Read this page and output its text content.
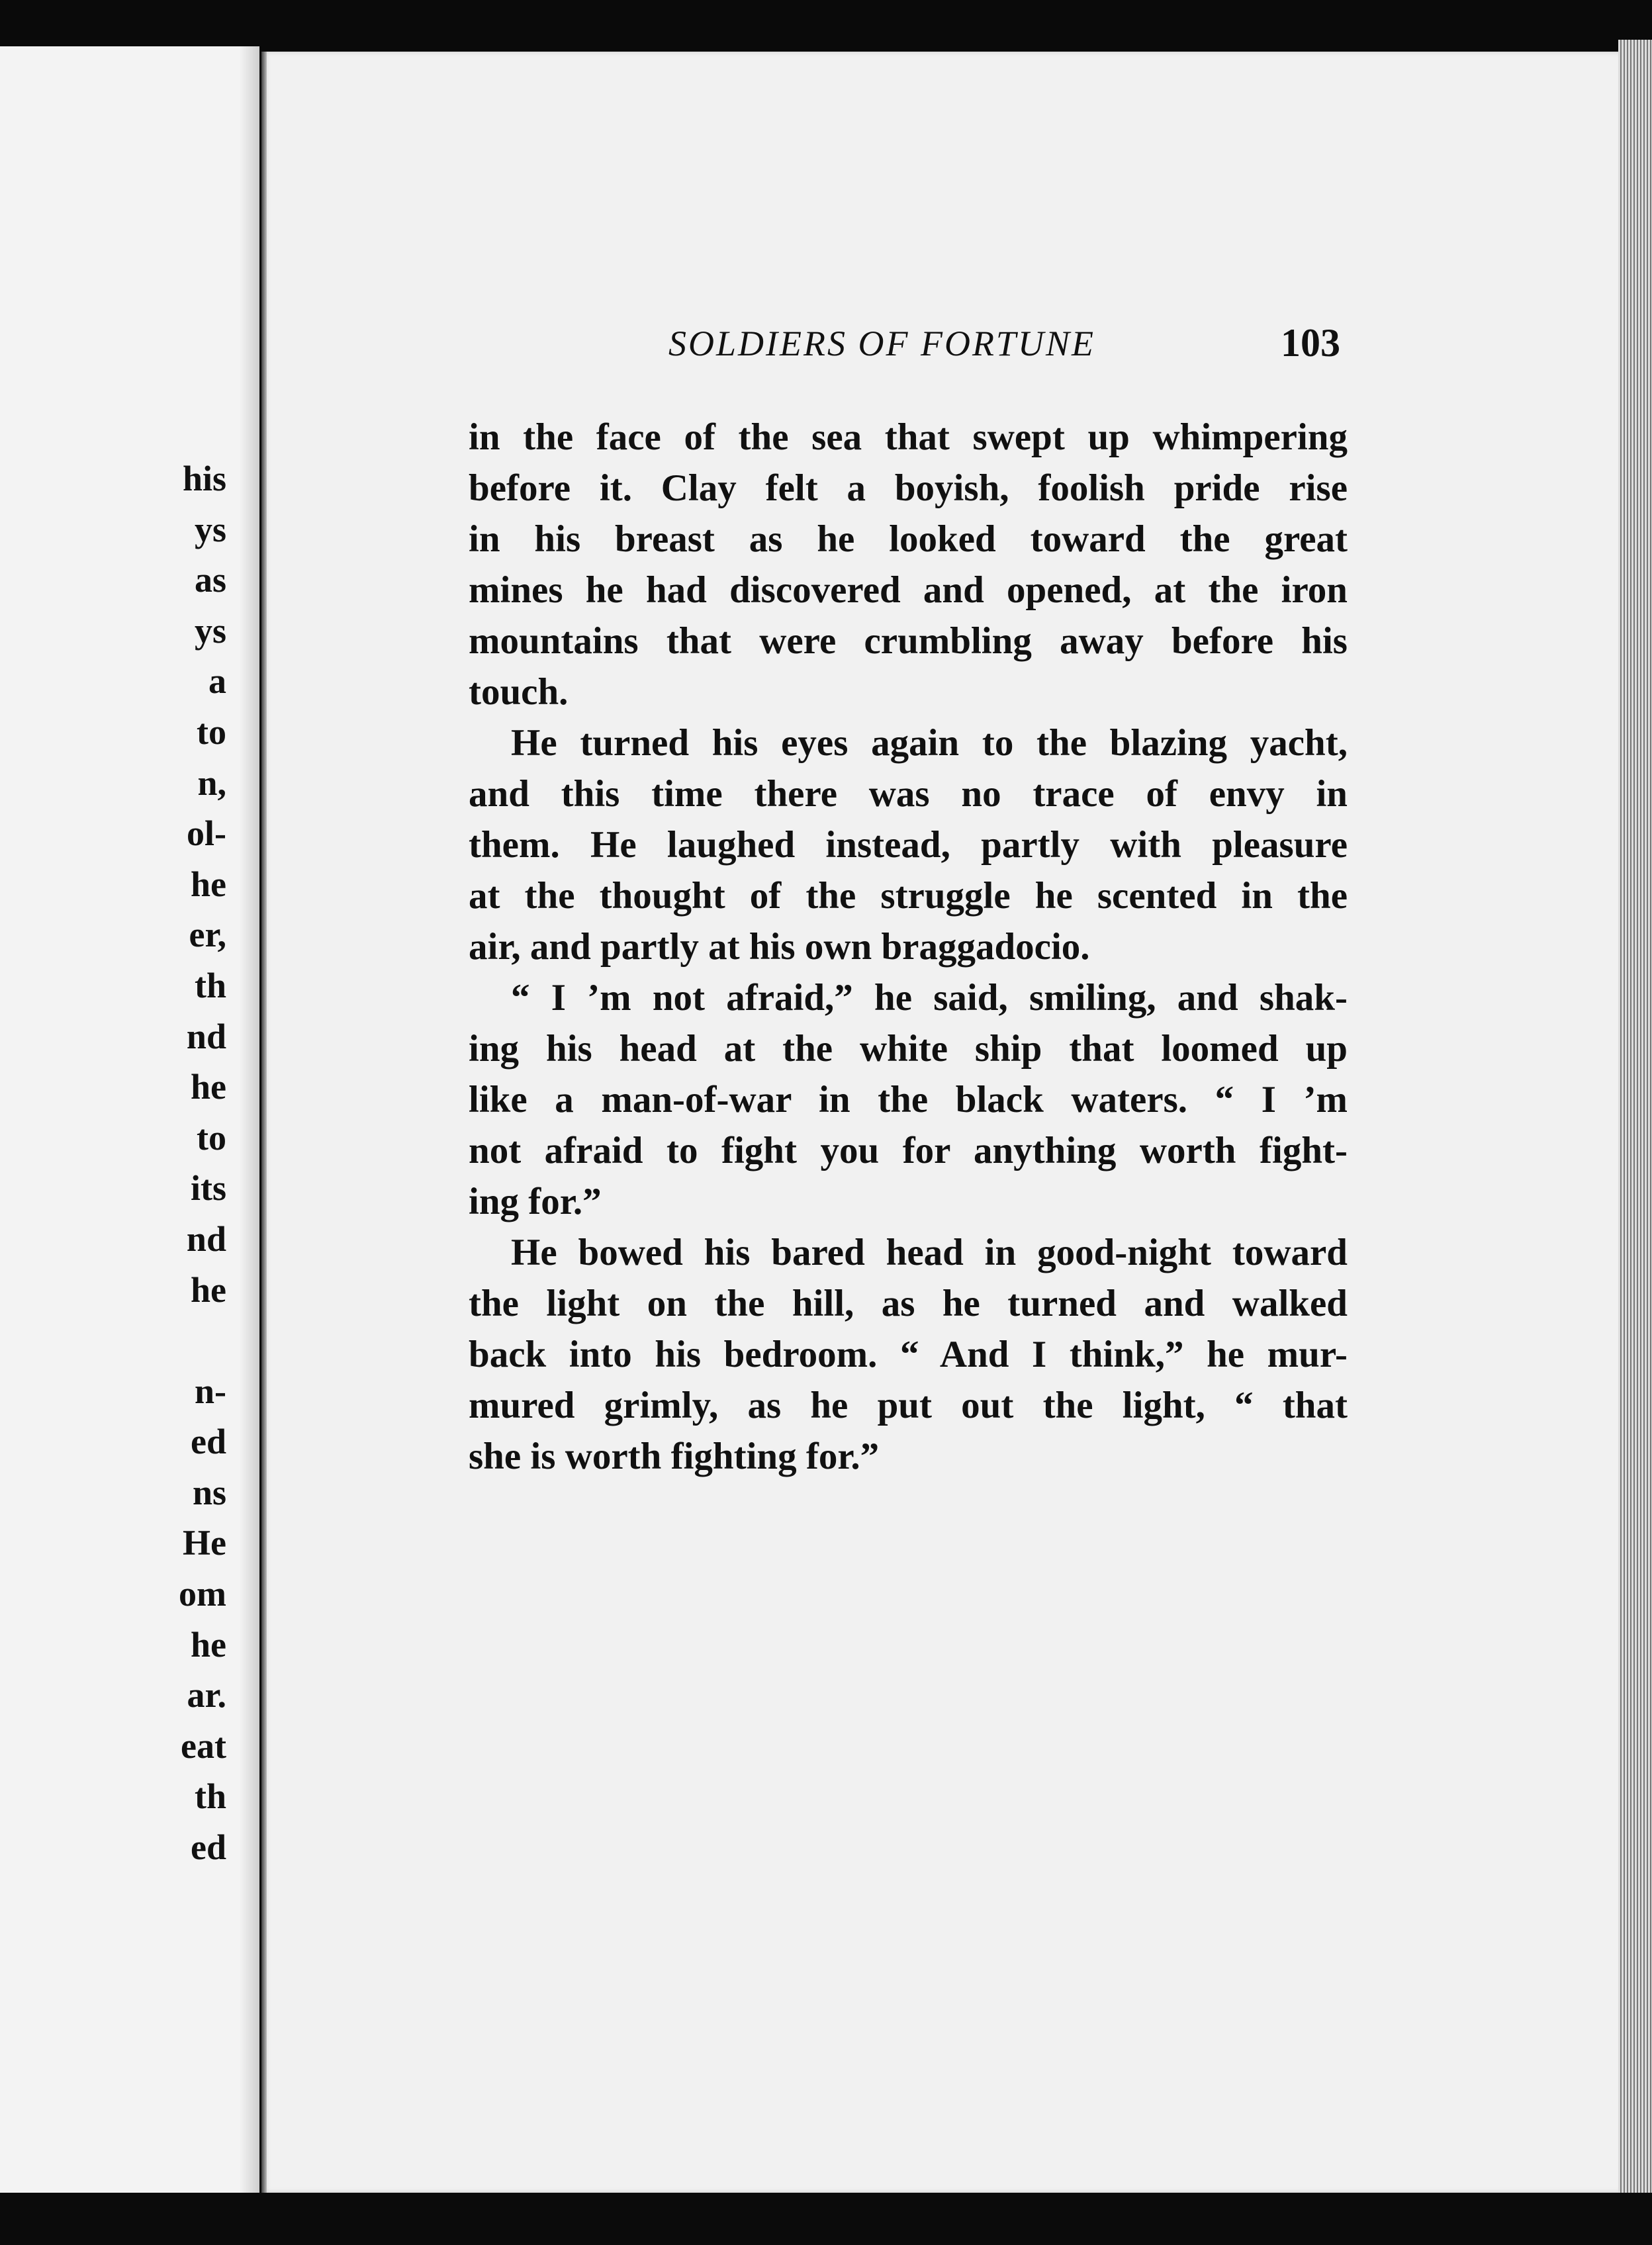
his
ys
as
ys
a
to
n,
ol-
he
er,
th
nd
he
to
its
nd
he
n-
ed
ns
He
om
he
ar.
eat
th
ed
SOLDIERS OF FORTUNE	103
in the face of the sea that swept up whimpering
before it. Clay felt a boyish, foolish pride rise
in his breast as he looked toward the great
mines he had discovered and opened, at the iron
mountains that were crumbling away before his
touch.
He turned his eyes again to the blazing yacht,
and this time there was no trace of envy in
them. He laughed instead, partly with pleasure
at the thought of the struggle he scented in the
air, and partly at his own braggadocio.
“ I ’m not afraid,” he said, smiling, and shak-
ing his head at the white ship that loomed up
like a man-of-war in the black waters. “ I ’m
not afraid to fight you for anything worth fight-
ing for.”
He bowed his bared head in good-night toward
the light on the hill, as he turned and walked
back into his bedroom. “ And I think,” he mur-
mured grimly, as he put out the light, “ that
she is worth fighting for.”
